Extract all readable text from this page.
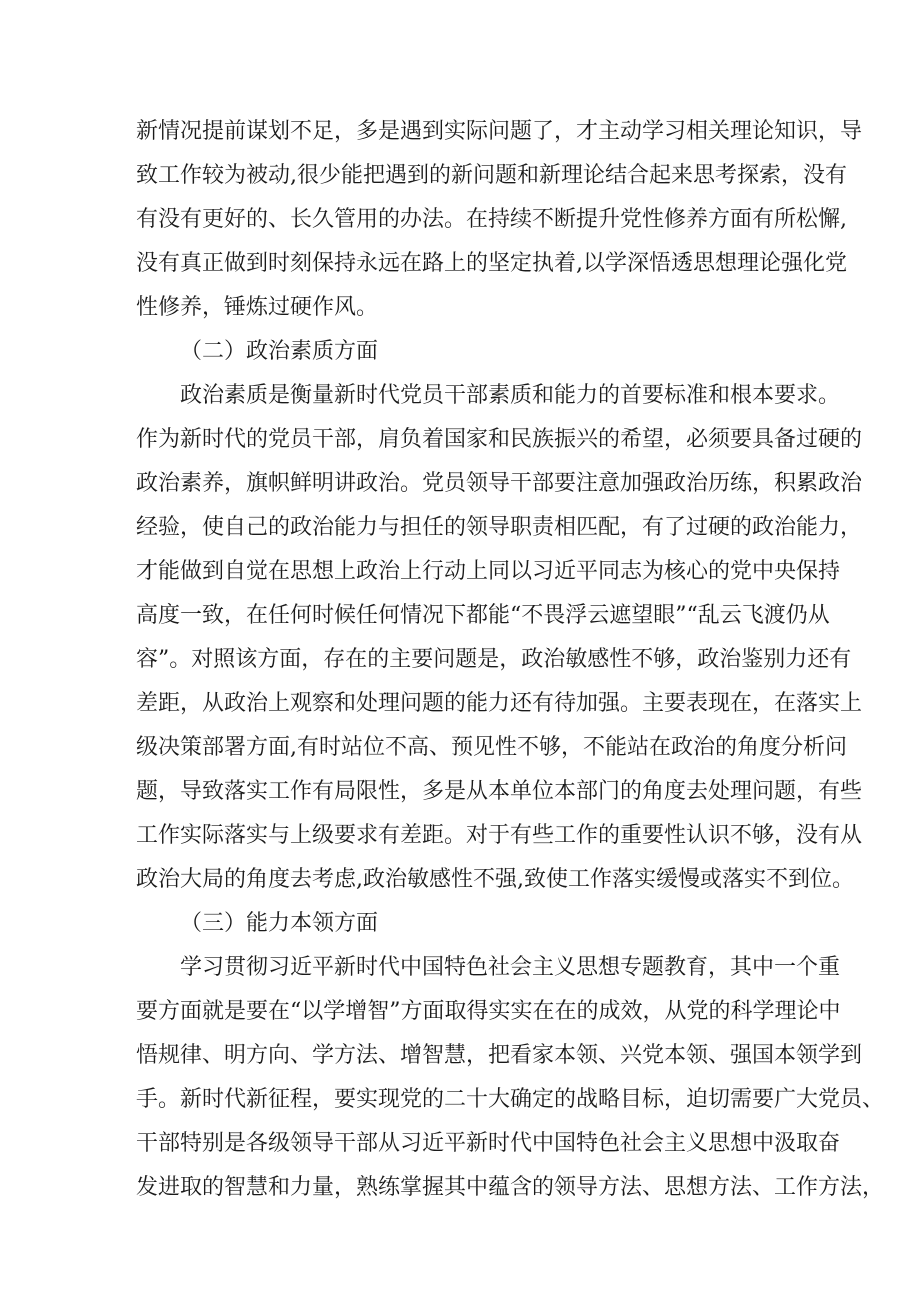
新情况提前谋划不足，多是遇到实际问题了，才主动学习相关理论知识，导
致工作较为被动,很少能把遇到的新问题和新理论结合起来思考探索，没有
有没有更好的、长久管用的办法。在持续不断提升党性修养方面有所松懈,
没有真正做到时刻保持永远在路上的坚定执着,以学深悟透思想理论强化党
性修养，锤炼过硬作风。
（二）政治素质方面
政治素质是衡量新时代党员干部素质和能力的首要标准和根本要求。
作为新时代的党员干部，肩负着国家和民族振兴的希望，必须要具备过硬的
政治素养，旗帜鲜明讲政治。党员领导干部要注意加强政治历练，积累政治
经验，使自己的政治能力与担任的领导职责相匹配，有了过硬的政治能力，
才能做到自觉在思想上政治上行动上同以习近平同志为核心的党中央保持
高度一致，在任何时候任何情况下都能“不畏浮云遮望眼”“乱云飞渡仍从
容”。对照该方面，存在的主要问题是，政治敏感性不够，政治鉴别力还有
差距，从政治上观察和处理问题的能力还有待加强。主要表现在，在落实上
级决策部署方面,有时站位不高、预见性不够，不能站在政治的角度分析问
题，导致落实工作有局限性，多是从本单位本部门的角度去处理问题，有些
工作实际落实与上级要求有差距。对于有些工作的重要性认识不够，没有从
政治大局的角度去考虑,政治敏感性不强,致使工作落实缓慢或落实不到位。
（三）能力本领方面
学习贯彻习近平新时代中国特色社会主义思想专题教育，其中一个重
要方面就是要在“以学增智”方面取得实实在在的成效，从党的科学理论中
悟规律、明方向、学方法、增智慧，把看家本领、兴党本领、强国本领学到
手。新时代新征程，要实现党的二十大确定的战略目标，迫切需要广大党员、
干部特别是各级领导干部从习近平新时代中国特色社会主义思想中汲取奋
发进取的智慧和力量，熟练掌握其中蕴含的领导方法、思想方法、工作方法，
